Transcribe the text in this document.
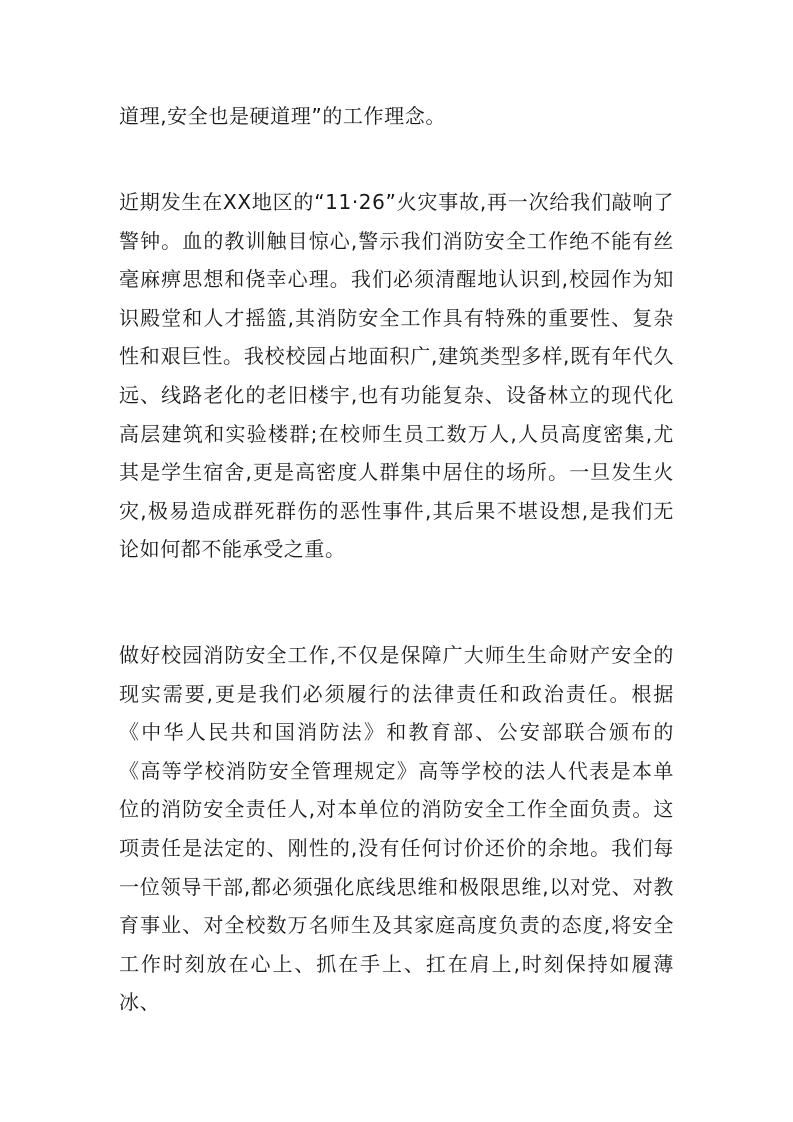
道理,安全也是硬道理”的工作理念。

近期发生在XX地区的“11·26”火灾事故,再一次给我们敲响了警钟。血的教训触目惊心,警示我们消防安全工作绝不能有丝毫麻痹思想和侥幸心理。我们必须清醒地认识到,校园作为知识殿堂和人才摇篮,其消防安全工作具有特殊的重要性、复杂性和艰巨性。我校校园占地面积广,建筑类型多样,既有年代久远、线路老化的老旧楼宇,也有功能复杂、设备林立的现代化高层建筑和实验楼群;在校师生员工数万人,人员高度密集,尤其是学生宿舍,更是高密度人群集中居住的场所。一旦发生火灾,极易造成群死群伤的恶性事件,其后果不堪设想,是我们无论如何都不能承受之重。

做好校园消防安全工作,不仅是保障广大师生生命财产安全的现实需要,更是我们必须履行的法律责任和政治责任。根据《中华人民共和国消防法》和教育部、公安部联合颁布的《高等学校消防安全管理规定》高等学校的法人代表是本单位的消防安全责任人,对本单位的消防安全工作全面负责。这项责任是法定的、刚性的,没有任何讨价还价的余地。我们每一位领导干部,都必须强化底线思维和极限思维,以对党、对教育事业、对全校数万名师生及其家庭高度负责的态度,将安全工作时刻放在心上、抓在手上、扛在肩上,时刻保持如履薄冰、
